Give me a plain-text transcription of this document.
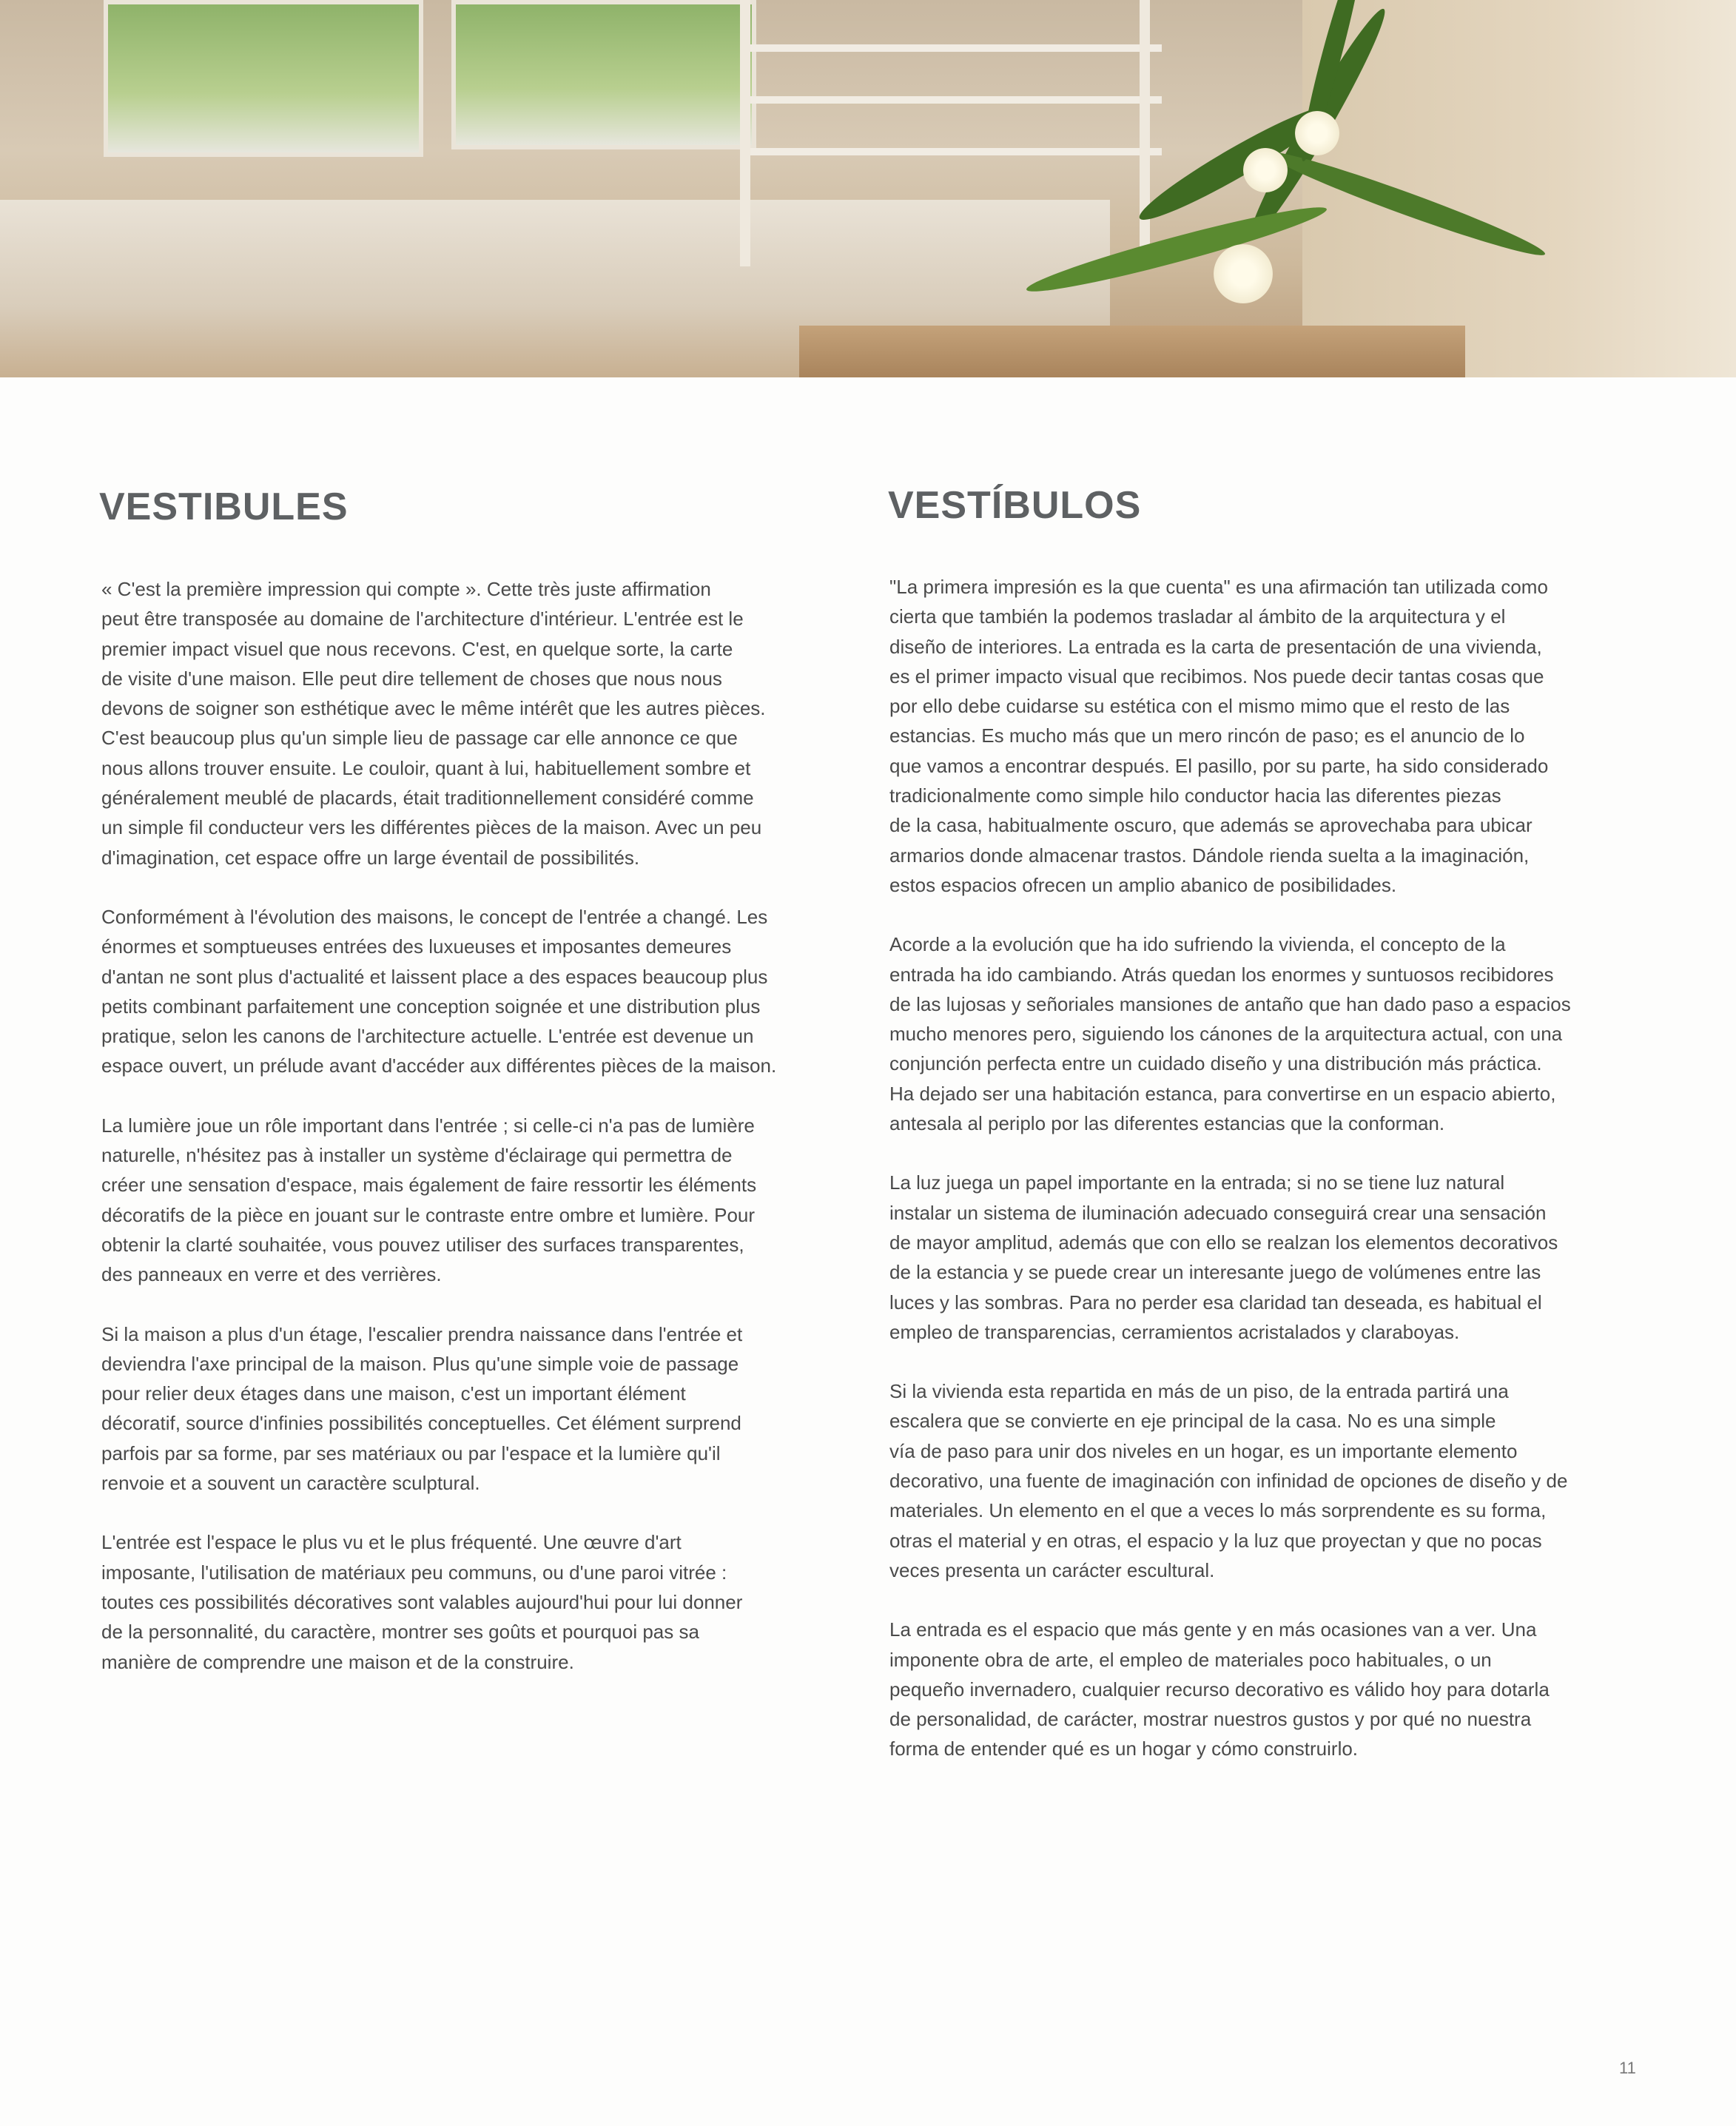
VESTIBULES	VESTÍBULOS
« C'est la première impression qui compte ». Cette très juste affirmation
peut être transposée au domaine de l'architecture d'intérieur. L'entrée est le
premier impact visuel que nous recevons. C'est, en quelque sorte, la carte
de visite d'une maison. Elle peut dire tellement de choses que nous nous
devons de soigner son esthétique avec le même intérêt que les autres pièces.
C'est beaucoup plus qu'un simple lieu de passage car elle annonce ce que
nous allons trouver ensuite. Le couloir, quant à lui, habituellement sombre et
généralement meublé de placards, était traditionnellement considéré comme
un simple fil conducteur vers les différentes pièces de la maison. Avec un peu
d'imagination, cet espace offre un large éventail de possibilités.
Conformément à l'évolution des maisons, le concept de l'entrée a changé. Les
énormes et somptueuses entrées des luxueuses et imposantes demeures
d'antan ne sont plus d'actualité et laissent place a des espaces beaucoup plus
petits combinant parfaitement une conception soignée et une distribution plus
pratique, selon les canons de l'architecture actuelle. L'entrée est devenue un
espace ouvert, un prélude avant d'accéder aux différentes pièces de la maison.
La lumière joue un rôle important dans l'entrée ; si celle-ci n'a pas de lumière
naturelle, n'hésitez pas à installer un système d'éclairage qui permettra de
créer une sensation d'espace, mais également de faire ressortir les éléments
décoratifs de la pièce en jouant sur le contraste entre ombre et lumière. Pour
obtenir la clarté souhaitée, vous pouvez utiliser des surfaces transparentes,
des panneaux en verre et des verrières.
Si la maison a plus d'un étage, l'escalier prendra naissance dans l'entrée et
deviendra l'axe principal de la maison. Plus qu'une simple voie de passage
pour relier deux étages dans une maison, c'est un important élément
décoratif, source d'infinies possibilités conceptuelles. Cet élément surprend
parfois par sa forme, par ses matériaux ou par l'espace et la lumière qu'il
renvoie et a souvent un caractère sculptural.
L'entrée est l'espace le plus vu et le plus fréquenté. Une œuvre d'art
imposante, l'utilisation de matériaux peu communs, ou d'une paroi vitrée :
toutes ces possibilités décoratives sont valables aujourd'hui pour lui donner
de la personnalité, du caractère, montrer ses goûts et pourquoi pas sa
manière de comprendre une maison et de la construire.
"La primera impresión es la que cuenta" es una afirmación tan utilizada como
cierta que también la podemos trasladar al ámbito de la arquitectura y el
diseño de interiores. La entrada es la carta de presentación de una vivienda,
es el primer impacto visual que recibimos. Nos puede decir tantas cosas que
por ello debe cuidarse su estética con el mismo mimo que el resto de las
estancias. Es mucho más que un mero rincón de paso; es el anuncio de lo
que vamos a encontrar después. El pasillo, por su parte, ha sido considerado
tradicionalmente como simple hilo conductor hacia las diferentes piezas
de la casa, habitualmente oscuro, que además se aprovechaba para ubicar
armarios donde almacenar trastos. Dándole rienda suelta a la imaginación,
estos espacios ofrecen un amplio abanico de posibilidades.
Acorde a la evolución que ha ido sufriendo la vivienda, el concepto de la
entrada ha ido cambiando. Atrás quedan los enormes y suntuosos recibidores
de las lujosas y señoriales mansiones de antaño que han dado paso a espacios
mucho menores pero, siguiendo los cánones de la arquitectura actual, con una
conjunción perfecta entre un cuidado diseño y una distribución más práctica.
Ha dejado ser una habitación estanca, para convertirse en un espacio abierto,
antesala al periplo por las diferentes estancias que la conforman.
La luz juega un papel importante en la entrada; si no se tiene luz natural
instalar un sistema de iluminación adecuado conseguirá crear una sensación
de mayor amplitud, además que con ello se realzan los elementos decorativos
de la estancia y se puede crear un interesante juego de volúmenes entre las
luces y las sombras. Para no perder esa claridad tan deseada, es habitual el
empleo de transparencias, cerramientos acristalados y claraboyas.
Si la vivienda esta repartida en más de un piso, de la entrada partirá una
escalera que se convierte en eje principal de la casa. No es una simple
vía de paso para unir dos niveles en un hogar, es un importante elemento
decorativo, una fuente de imaginación con infinidad de opciones de diseño y de
materiales. Un elemento en el que a veces lo más sorprendente es su forma,
otras el material y en otras, el espacio y la luz que proyectan y que no pocas
veces presenta un carácter escultural.
La entrada es el espacio que más gente y en más ocasiones van a ver. Una
imponente obra de arte, el empleo de materiales poco habituales, o un
pequeño invernadero, cualquier recurso decorativo es válido hoy para dotarla
de personalidad, de carácter, mostrar nuestros gustos y por qué no nuestra
forma de entender qué es un hogar y cómo construirlo.
11
